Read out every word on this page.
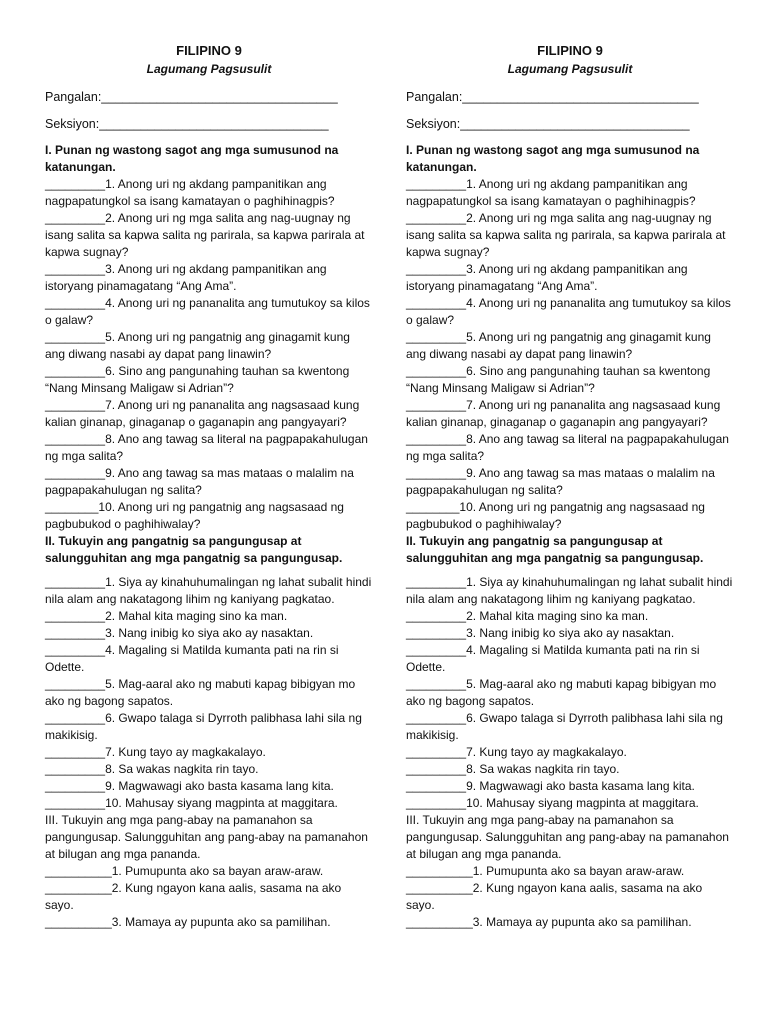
FILIPINO 9
Lagumang Pagsusulit
Pangalan:__________________________________
Seksiyon:_________________________________

I. Punan ng wastong sagot ang mga sumusunod na katanungan.

_________1. Anong uri ng akdang pampanitikan ang nagpapatungkol sa isang kamatayan o paghihinagpis?

_________2. Anong uri ng mga salita ang nag-uugnay ng isang salita sa kapwa salita ng parirala, sa kapwa parirala at kapwa sugnay?

_________3. Anong uri ng akdang pampanitikan ang istoryang pinamagatang “Ang Ama”.

_________4. Anong uri ng pananalita ang tumutukoy sa kilos o galaw?

_________5. Anong uri ng pangatnig ang ginagamit kung ang diwang nasabi ay dapat pang linawin?

_________6. Sino ang pangunahing tauhan sa kwentong “Nang Minsang Maligaw si Adrian”?

_________7. Anong uri ng pananalita ang nagsasaad kung kalian ginanap, ginaganap o gaganapin ang pangyayari?

_________8. Ano ang tawag sa literal na pagpapakahulugan ng mga salita?

_________9. Ano ang tawag sa mas mataas o malalim na pagpapakahulugan ng salita?

________10. Anong uri ng pangatnig ang nagsasaad ng pagbubukod o paghihiwalay?

II. Tukuyin ang pangatnig sa pangungusap at salungguhitan ang mga pangatnig sa pangungusap.

_________1. Siya ay kinahuhumalingan ng lahat subalit hindi nila alam ang nakatagong lihim ng kaniyang pagkatao.

_________2. Mahal kita maging sino ka man.

_________3. Nang inibig ko siya ako ay nasaktan.

_________4. Magaling si Matilda kumanta pati na rin si Odette.

_________5. Mag-aaral ako ng mabuti kapag bibigyan mo ako ng bagong sapatos.

_________6. Gwapo talaga si Dyrroth palibhasa lahi sila ng makikisig.

_________7. Kung tayo ay magkakalayo.

_________8. Sa wakas nagkita rin tayo.

_________9. Magwawagi ako basta kasama lang kita.

_________10. Mahusay siyang magpinta at maggitara.

III. Tukuyin ang mga pang-abay na pamanahon sa pangungusap. Salungguhitan ang pang-abay na pamanahon at bilugan ang mga pananda.

__________1. Pumupunta ako sa bayan araw-araw.

__________2. Kung ngayon kana aalis, sasama na ako sayo.

__________3. Mamaya ay pupunta ako sa pamilihan.

FILIPINO 9
Lagumang Pagsusulit
Pangalan:__________________________________
Seksiyon:_________________________________

I. Punan ng wastong sagot ang mga sumusunod na katanungan.

_________1. Anong uri ng akdang pampanitikan ang nagpapatungkol sa isang kamatayan o paghihinagpis?

_________2. Anong uri ng mga salita ang nag-uugnay ng isang salita sa kapwa salita ng parirala, sa kapwa parirala at kapwa sugnay?

_________3. Anong uri ng akdang pampanitikan ang istoryang pinamagatang “Ang Ama”.

_________4. Anong uri ng pananalita ang tumutukoy sa kilos o galaw?

_________5. Anong uri ng pangatnig ang ginagamit kung ang diwang nasabi ay dapat pang linawin?

_________6. Sino ang pangunahing tauhan sa kwentong “Nang Minsang Maligaw si Adrian”?

_________7. Anong uri ng pananalita ang nagsasaad kung kalian ginanap, ginaganap o gaganapin ang pangyayari?

_________8. Ano ang tawag sa literal na pagpapakahulugan ng mga salita?

_________9. Ano ang tawag sa mas mataas o malalim na pagpapakahulugan ng salita?

________10. Anong uri ng pangatnig ang nagsasaad ng pagbubukod o paghihiwalay?

II. Tukuyin ang pangatnig sa pangungusap at salungguhitan ang mga pangatnig sa pangungusap.

_________1. Siya ay kinahuhumalingan ng lahat subalit hindi nila alam ang nakatagong lihim ng kaniyang pagkatao.

_________2. Mahal kita maging sino ka man.

_________3. Nang inibig ko siya ako ay nasaktan.

_________4. Magaling si Matilda kumanta pati na rin si Odette.

_________5. Mag-aaral ako ng mabuti kapag bibigyan mo ako ng bagong sapatos.

_________6. Gwapo talaga si Dyrroth palibhasa lahi sila ng makikisig.

_________7. Kung tayo ay magkakalayo.

_________8. Sa wakas nagkita rin tayo.

_________9. Magwawagi ako basta kasama lang kita.

_________10. Mahusay siyang magpinta at maggitara.

III. Tukuyin ang mga pang-abay na pamanahon sa pangungusap. Salungguhitan ang pang-abay na pamanahon at bilugan ang mga pananda.

__________1. Pumupunta ako sa bayan araw-araw.

__________2. Kung ngayon kana aalis, sasama na ako sayo.

__________3. Mamaya ay pupunta ako sa pamilihan.
